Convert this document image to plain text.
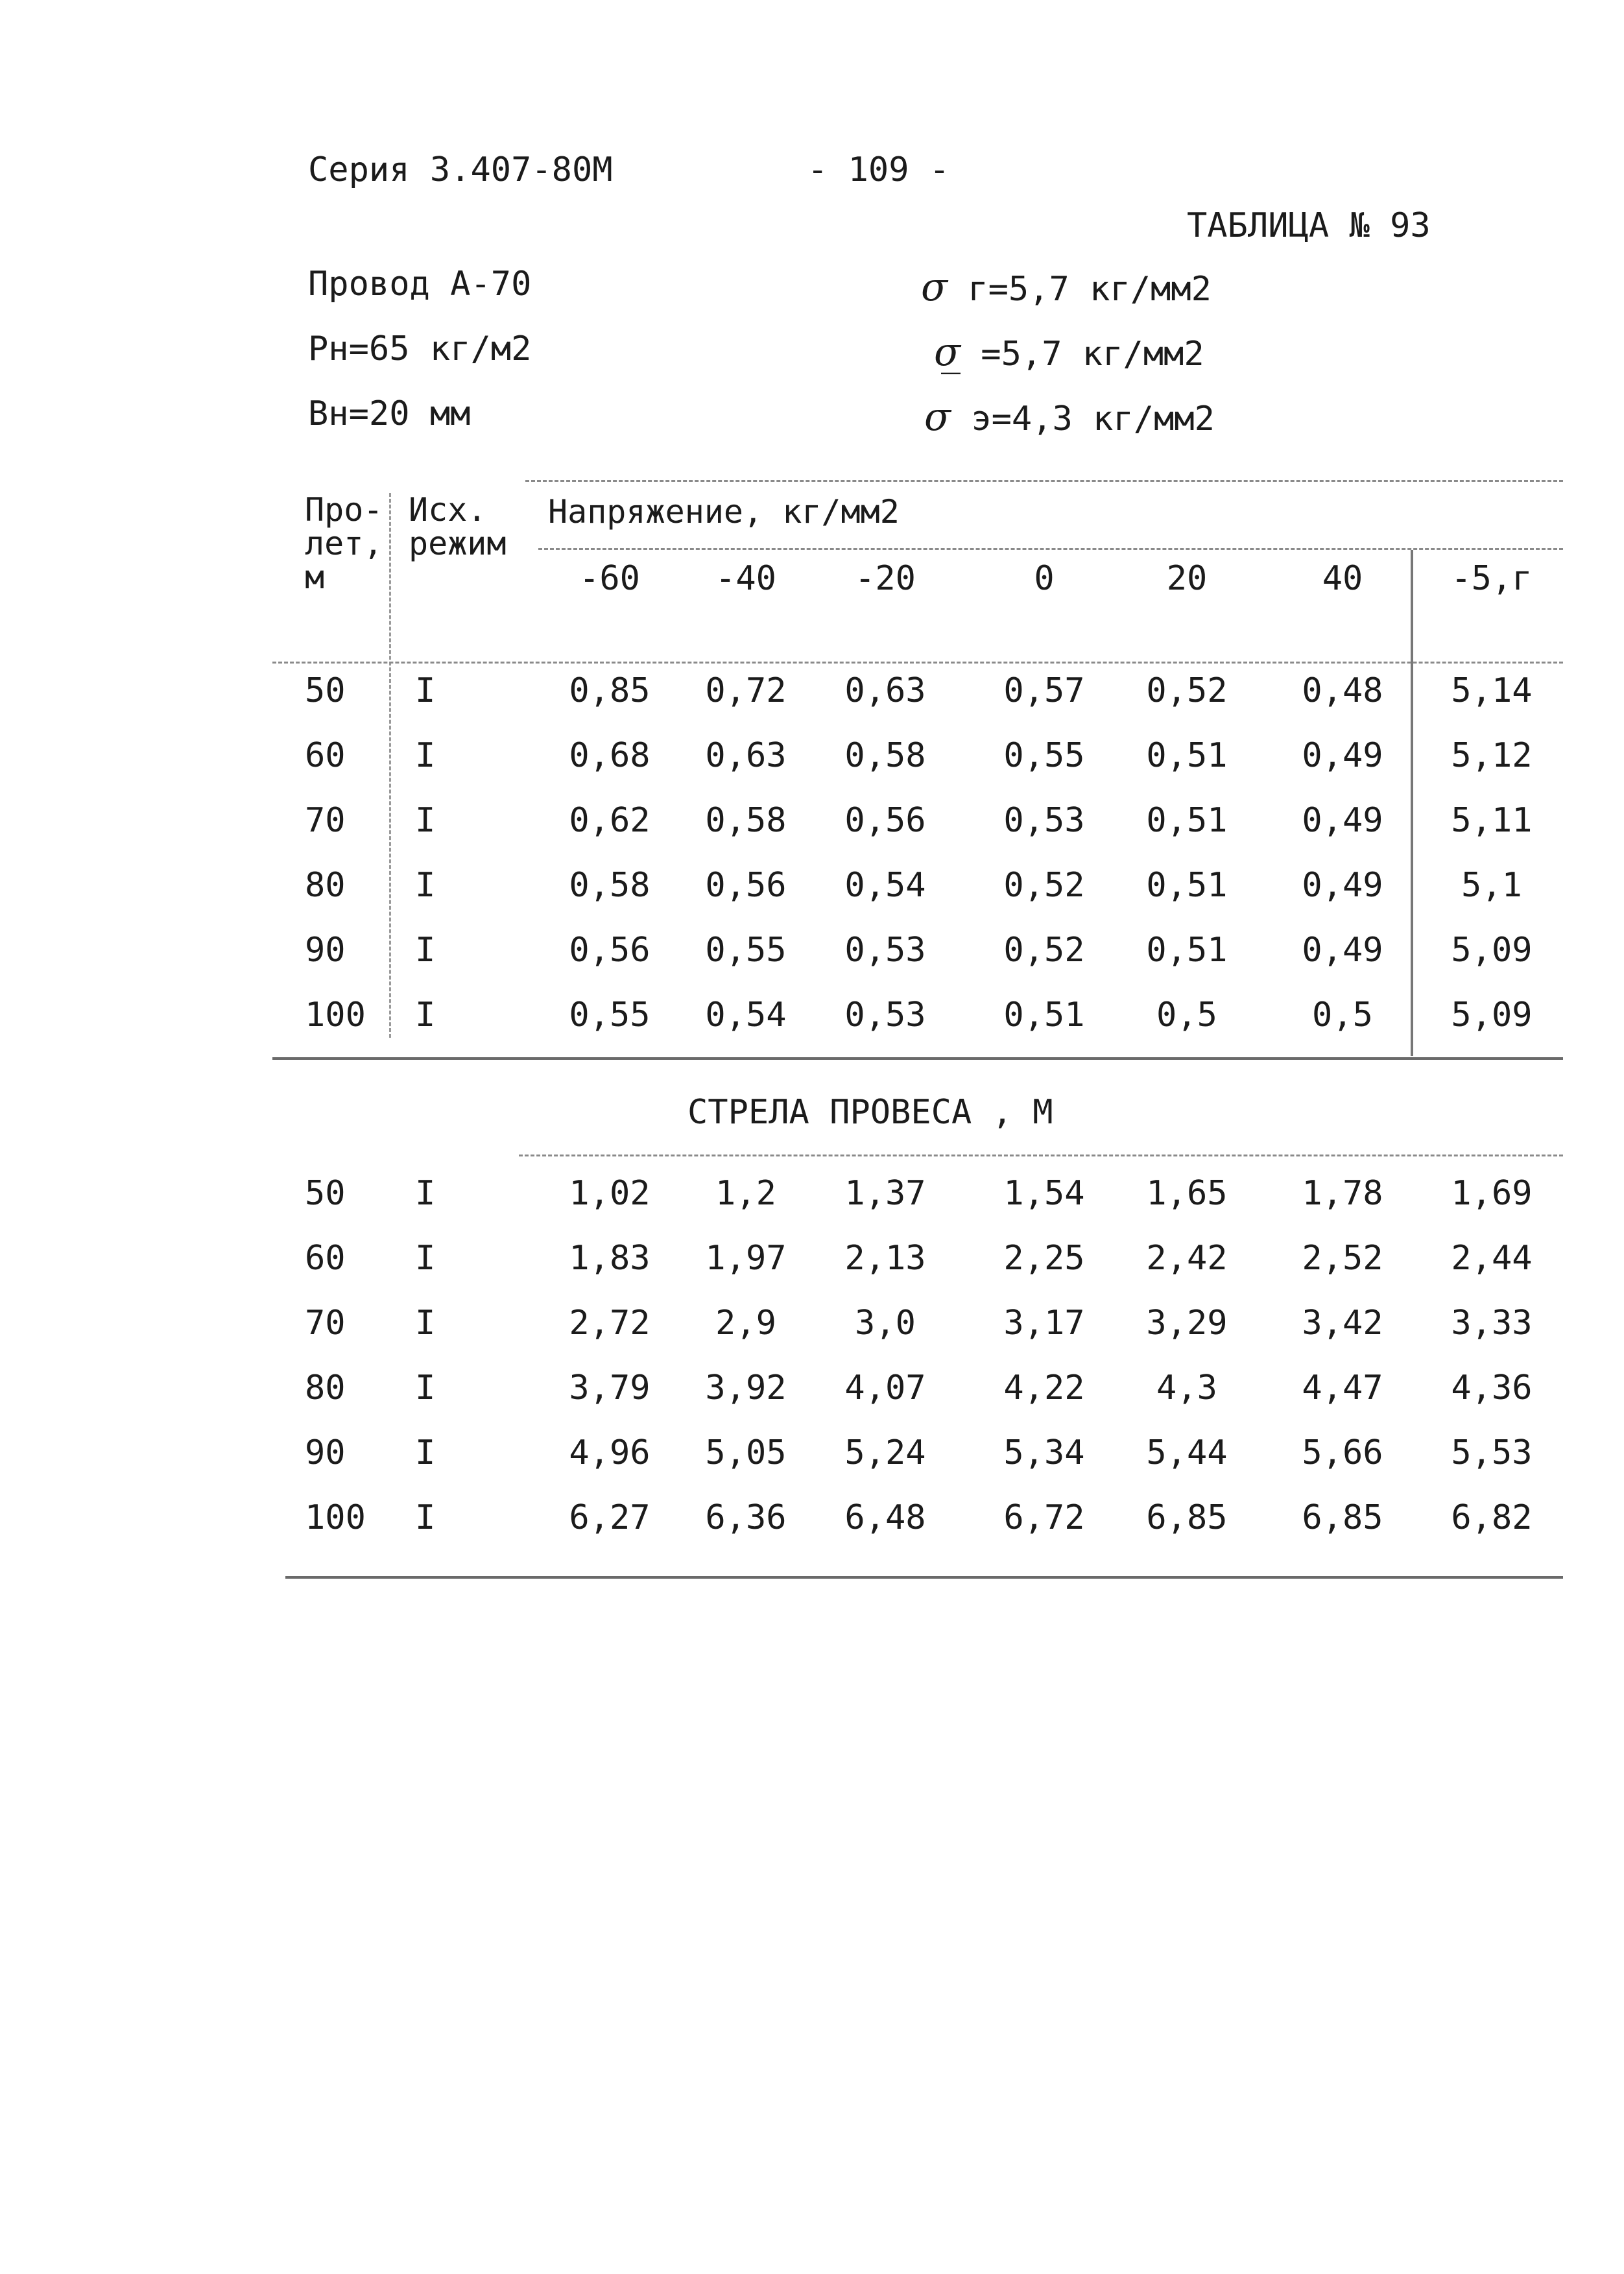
Серия 3.407-80М	- 109 -
ТАБЛИЦА № 93
Провод А-70
Рн=65 кг/м2
Вн=20 мм
σ г=5,7 кг/мм2
σ̲ =5,7 кг/мм2
σ э=4,3 кг/мм2
Про-
лет,
м
Исх.
режим
Напряжение, кг/мм2
-60	-40	-20	0	20	40	-5,г
50 I	0,85	0,72	0,63	0,57	0,52	0,48	5,14
60 I	0,68	0,63	0,58	0,55	0,51	0,49	5,12
70 I	0,62	0,58	0,56	0,53	0,51	0,49	5,11
80 I	0,58	0,56	0,54	0,52	0,51	0,49	5,1
90 I	0,56	0,55	0,53	0,52	0,51	0,49	5,09
100 I	0,55	0,54	0,53	0,51	0,5	0,5	5,09
СТРЕЛА ПРОВЕСА , М
50 I	1,02	1,2	1,37	1,54	1,65	1,78	1,69
60 I	1,83	1,97	2,13	2,25	2,42	2,52	2,44
70 I	2,72	2,9	3,0	3,17	3,29	3,42	3,33
80 I	3,79	3,92	4,07	4,22	4,3	4,47	4,36
90 I	4,96	5,05	5,24	5,34	5,44	5,66	5,53
100 I	6,27	6,36	6,48	6,72	6,85	6,85	6,82
